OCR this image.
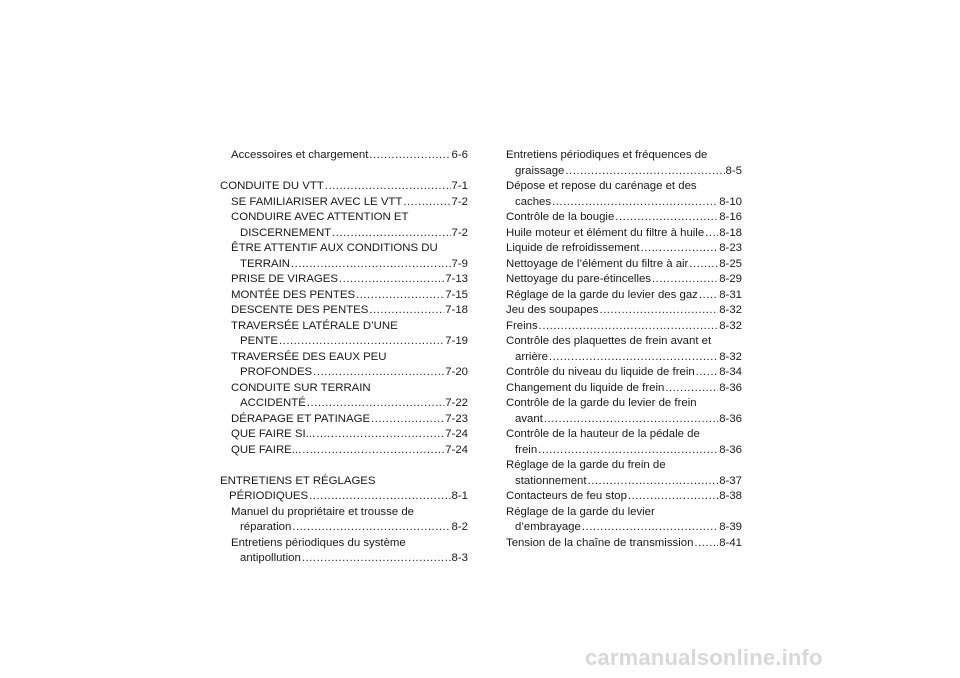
Accessoires et chargement .....	6-6
CONDUITE DU VTT .....	7-1
SE FAMILIARISER AVEC LE VTT .....	7-2
CONDUIRE AVEC ATTENTION ET
DISCERNEMENT .....	7-2
ÊTRE ATTENTIF AUX CONDITIONS DU
TERRAIN .....	7-9
PRISE DE VIRAGES .....	7-13
MONTÉE DES PENTES .....	7-15
DESCENTE DES PENTES .....	7-18
TRAVERSÉE LATÉRALE D’UNE
PENTE .....	7-19
TRAVERSÉE DES EAUX PEU
PROFONDES .....	7-20
CONDUITE SUR TERRAIN
ACCIDENTÉ .....	7-22
DÉRAPAGE ET PATINAGE .....	7-23
QUE FAIRE SI... .....	7-24
QUE FAIRE... .....	7-24
ENTRETIENS ET RÉGLAGES
PÉRIODIQUES .....	8-1
Manuel du propriétaire et trousse de
réparation .....	8-2
Entretiens périodiques du système
antipollution .....	8-3
Entretiens périodiques et fréquences de
graissage .....	8-5
Dépose et repose du carénage et des
caches .....	8-10
Contrôle de la bougie .....	8-16
Huile moteur et élément du filtre à huile ..... 8-18
Liquide de refroidissement .....	8-23
Nettoyage de l’élément du filtre à air .....	8-25
Nettoyage du pare-étincelles .....	8-29
Réglage de la garde du levier des gaz ..... 8-31
Jeu des soupapes .....	8-32
Freins .....	8-32
Contrôle des plaquettes de frein avant et
arrière .....	8-32
Contrôle du niveau du liquide de frein ..... 8-34
Changement du liquide de frein .....	8-36
Contrôle de la garde du levier de frein
avant .....	8-36
Contrôle de la hauteur de la pédale de
frein .....	8-36
Réglage de la garde du frein de
stationnement .....	8-37
Contacteurs de feu stop .....	8-38
Réglage de la garde du levier
d’embrayage .....	8-39
Tension de la chaîne de transmission ..... 8-41
carmanualsonline.info
